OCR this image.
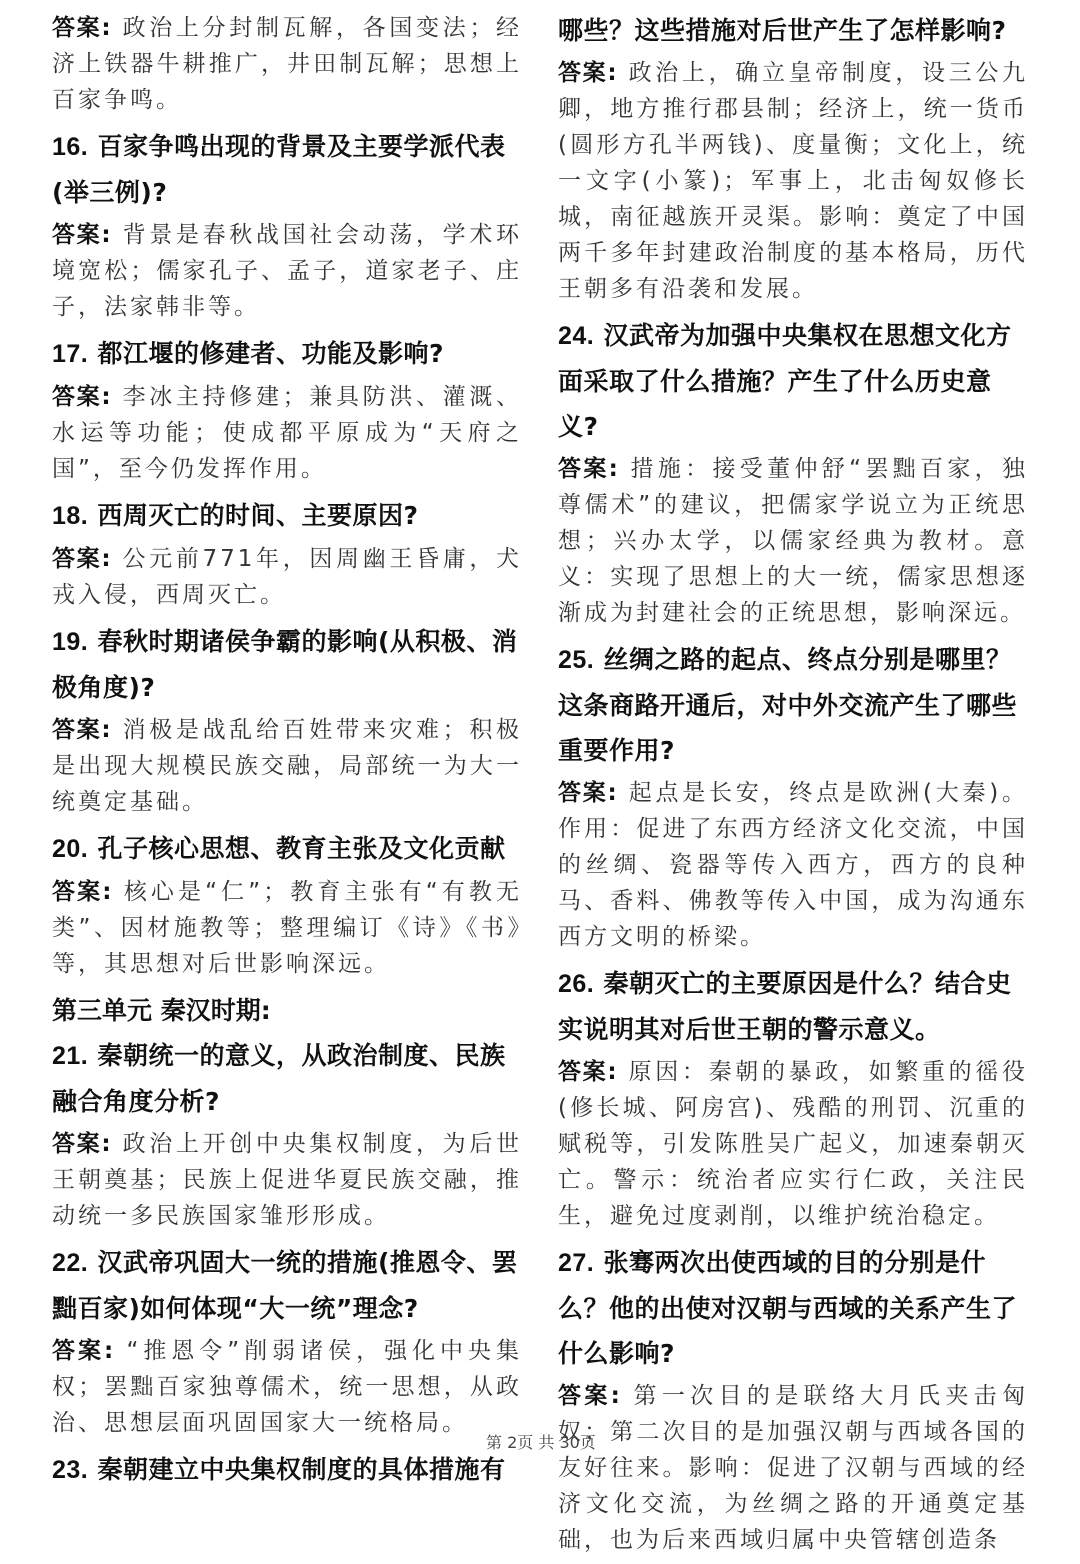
答案: 政治上分封制瓦解，各国变法；经济上铁器牛耕推广，井田制瓦解；思想上百家争鸣。

16. 百家争鸣出现的背景及主要学派代表(举三例)?

答案: 背景是春秋战国社会动荡，学术环境宽松；儒家孔子、孟子，道家老子、庄子，法家韩非等。

17. 都江堰的修建者、功能及影响?

答案: 李冰主持修建；兼具防洪、灌溉、水运等功能；使成都平原成为“天府之国”，至今仍发挥作用。

18. 西周灭亡的时间、主要原因?

答案: 公元前771年，因周幽王昏庸，犬戎入侵，西周灭亡。

19. 春秋时期诸侯争霸的影响(从积极、消极角度)?

答案: 消极是战乱给百姓带来灾难；积极是出现大规模民族交融，局部统一为大一统奠定基础。

20. 孔子核心思想、教育主张及文化贡献

答案: 核心是“仁”；教育主张有“有教无类”、因材施教等；整理编订《诗》《书》等，其思想对后世影响深远。

第三单元 秦汉时期:

21. 秦朝统一的意义，从政治制度、民族融合角度分析?

答案: 政治上开创中央集权制度，为后世王朝奠基；民族上促进华夏民族交融，推动统一多民族国家雏形形成。

22. 汉武帝巩固大一统的措施(推恩令、罢黜百家)如何体现“大一统”理念?

答案: “推恩令”削弱诸侯，强化中央集权；罢黜百家独尊儒术，统一思想，从政治、思想层面巩固国家大一统格局。

23. 秦朝建立中央集权制度的具体措施有

哪些？这些措施对后世产生了怎样影响?

答案: 政治上，确立皇帝制度，设三公九卿，地方推行郡县制；经济上，统一货币(圆形方孔半两钱)、度量衡；文化上，统一文字(小篆)；军事上，北击匈奴修长城，南征越族开灵渠。影响：奠定了中国两千多年封建政治制度的基本格局，历代王朝多有沿袭和发展。

24. 汉武帝为加强中央集权在思想文化方面采取了什么措施？产生了什么历史意义?

答案: 措施：接受董仲舒“罢黜百家，独尊儒术”的建议，把儒家学说立为正统思想；兴办太学，以儒家经典为教材。意义：实现了思想上的大一统，儒家思想逐渐成为封建社会的正统思想，影响深远。

25. 丝绸之路的起点、终点分别是哪里？这条商路开通后，对中外交流产生了哪些重要作用?

答案: 起点是长安，终点是欧洲(大秦)。作用：促进了东西方经济文化交流，中国的丝绸、瓷器等传入西方，西方的良种马、香料、佛教等传入中国，成为沟通东西方文明的桥梁。

26. 秦朝灭亡的主要原因是什么？结合史实说明其对后世王朝的警示意义。

答案: 原因：秦朝的暴政，如繁重的徭役(修长城、阿房宫)、残酷的刑罚、沉重的赋税等，引发陈胜吴广起义，加速秦朝灭亡。警示：统治者应实行仁政，关注民生，避免过度剥削，以维护统治稳定。

27. 张骞两次出使西域的目的分别是什么？他的出使对汉朝与西域的关系产生了什么影响?

答案: 第一次目的是联络大月氏夹击匈奴；第二次目的是加强汉朝与西域各国的友好往来。影响：促进了汉朝与西域的经济文化交流，为丝绸之路的开通奠定基础，也为后来西域归属中央管辖创造条

第 2页 共 30页
